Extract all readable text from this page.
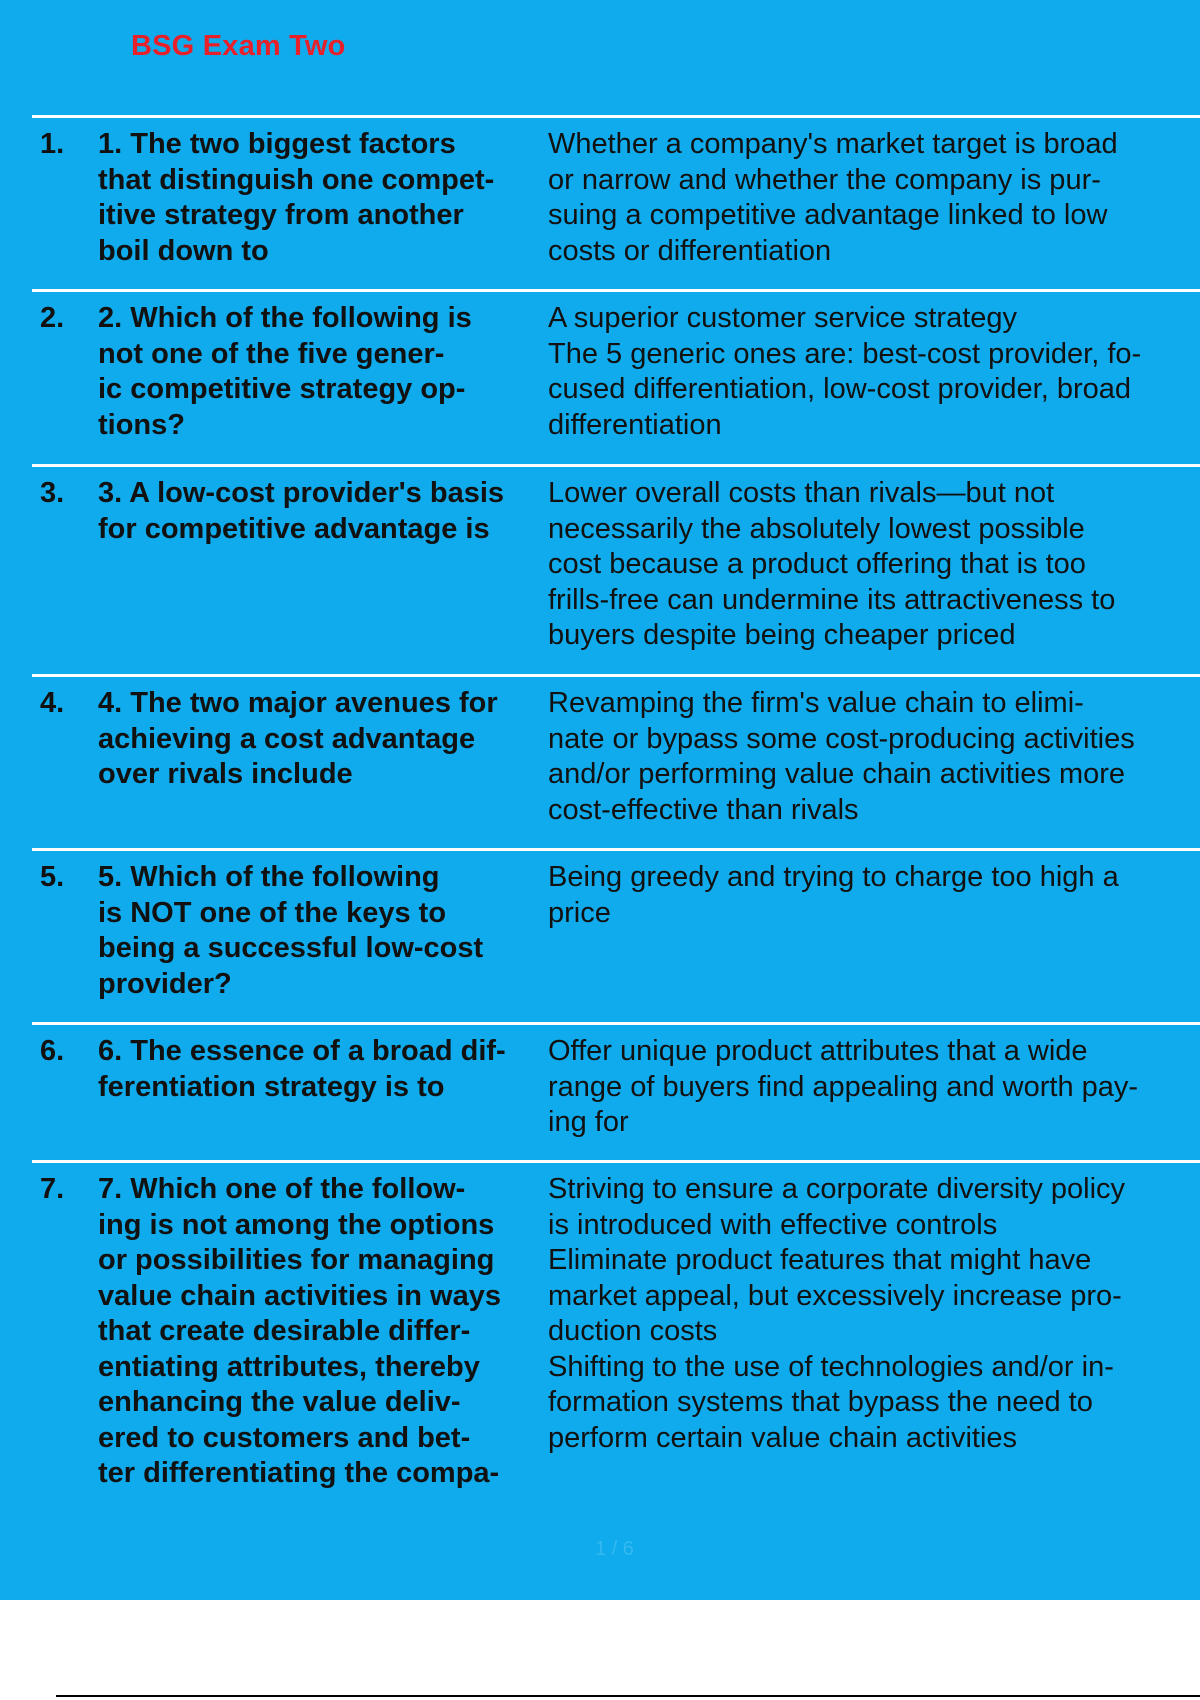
BSG Exam Two
1. 1. The two biggest factors
that distinguish one compet-
itive strategy from another
boil down to
Whether a company's market target is broad
or narrow and whether the company is pur-
suing a competitive advantage linked to low
costs or differentiation
2. 2. Which of the following is
not one of the five gener-
ic competitive strategy op-
tions?
A superior customer service strategy
The 5 generic ones are: best-cost provider, fo-
cused differentiation, low-cost provider, broad
differentiation
3. 3. A low-cost provider's basis
for competitive advantage is
Lower overall costs than rivals—but not
necessarily the absolutely lowest possible
cost because a product offering that is too
frills-free can undermine its attractiveness to
buyers despite being cheaper priced
4. 4. The two major avenues for
achieving a cost advantage
over rivals include
Revamping the firm's value chain to elimi-
nate or bypass some cost-producing activities
and/or performing value chain activities more
cost-effective than rivals
5. 5. Which of the following
is NOT one of the keys to
being a successful low-cost
provider?
Being greedy and trying to charge too high a
price
6. 6. The essence of a broad dif-
ferentiation strategy is to
Offer unique product attributes that a wide
range of buyers find appealing and worth pay-
ing for
7. 7. Which one of the follow-
ing is not among the options
or possibilities for managing
value chain activities in ways
that create desirable differ-
entiating attributes, thereby
enhancing the value deliv-
ered to customers and bet-
ter differentiating the compa-
Striving to ensure a corporate diversity policy
is introduced with effective controls
Eliminate product features that might have
market appeal, but excessively increase pro-
duction costs
Shifting to the use of technologies and/or in-
formation systems that bypass the need to
perform certain value chain activities
1 / 6
